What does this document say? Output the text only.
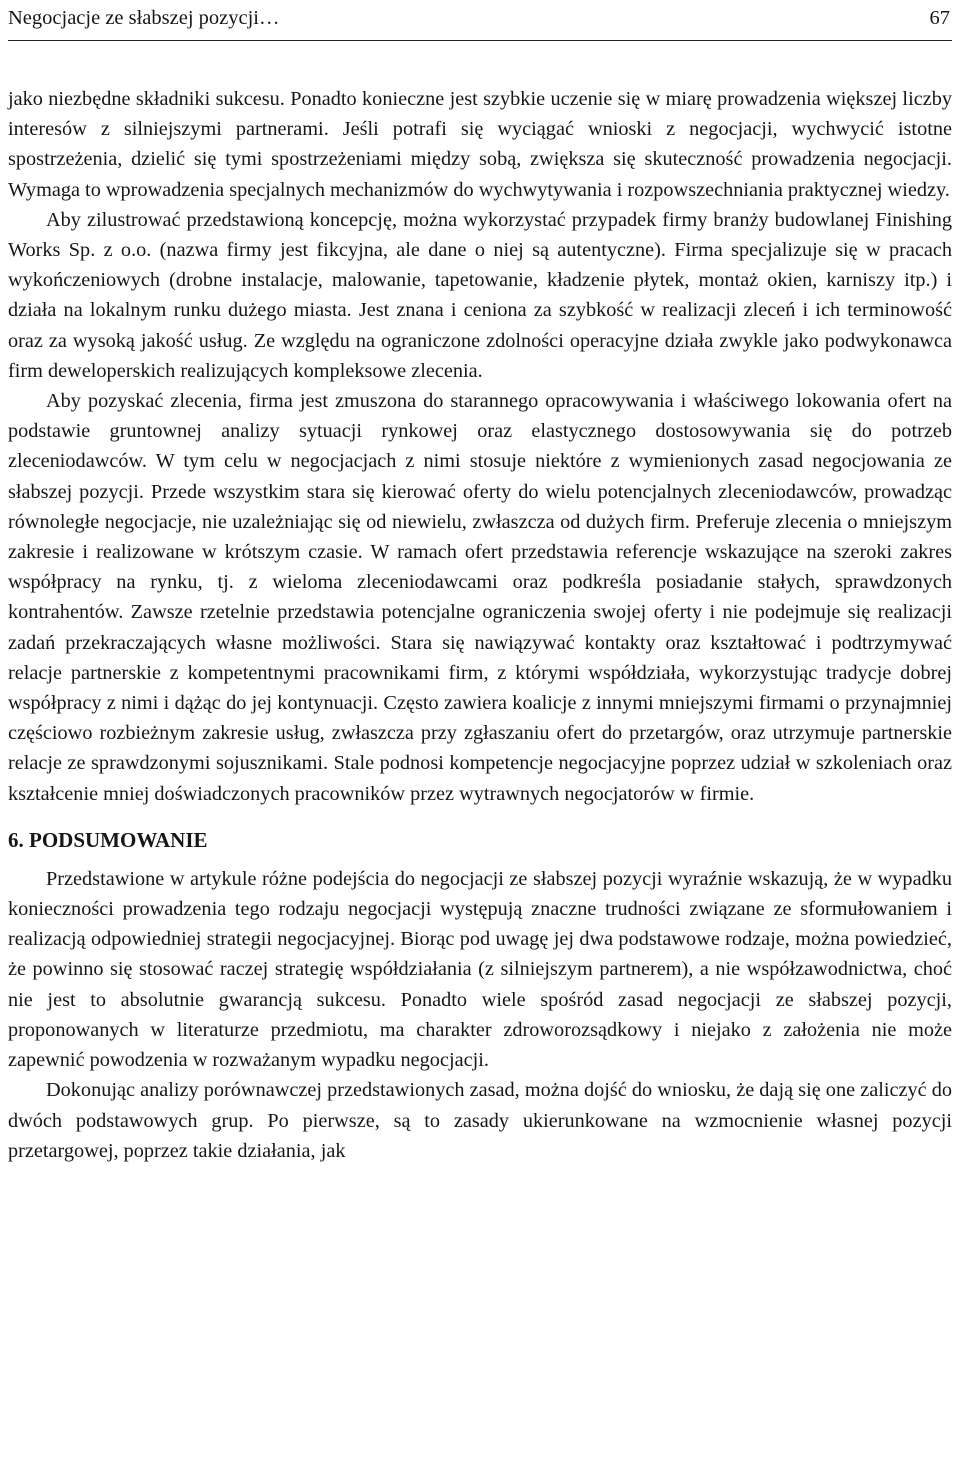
Negocjacje ze słabszej pozycji…	67

jako niezbędne składniki sukcesu. Ponadto konieczne jest szybkie uczenie się w miarę prowadzenia większej liczby interesów z silniejszymi partnerami. Jeśli potrafi się wyciągać wnioski z negocjacji, wychwycić istotne spostrzeżenia, dzielić się tymi spostrzeżeniami między sobą, zwiększa się skuteczność prowadzenia negocjacji. Wymaga to wprowadzenia specjalnych mechanizmów do wychwytywania i rozpowszechniania praktycznej wiedzy.

Aby zilustrować przedstawioną koncepcję, można wykorzystać przypadek firmy branży budowlanej Finishing Works Sp. z o.o. (nazwa firmy jest fikcyjna, ale dane o niej są autentyczne). Firma specjalizuje się w pracach wykończeniowych (drobne instalacje, malowanie, tapetowanie, kładzenie płytek, montaż okien, karniszy itp.) i działa na lokalnym runku dużego miasta. Jest znana i ceniona za szybkość w realizacji zleceń i ich terminowość oraz za wysoką jakość usług. Ze względu na ograniczone zdolności operacyjne działa zwykle jako podwykonawca firm deweloperskich realizujących kompleksowe zlecenia.

Aby pozyskać zlecenia, firma jest zmuszona do starannego opracowywania i właściwego lokowania ofert na podstawie gruntownej analizy sytuacji rynkowej oraz elastycznego dostosowywania się do potrzeb zleceniodawców. W tym celu w negocjacjach z nimi stosuje niektóre z wymienionych zasad negocjowania ze słabszej pozycji. Przede wszystkim stara się kierować oferty do wielu potencjalnych zleceniodawców, prowadząc równoległe negocjacje, nie uzależniając się od niewielu, zwłaszcza od dużych firm. Preferuje zlecenia o mniejszym zakresie i realizowane w krótszym czasie. W ramach ofert przedstawia referencje wskazujące na szeroki zakres współpracy na rynku, tj. z wieloma zleceniodawcami oraz podkreśla posiadanie stałych, sprawdzonych kontrahentów. Zawsze rzetelnie przedstawia potencjalne ograniczenia swojej oferty i nie podejmuje się realizacji zadań przekraczających własne możliwości. Stara się nawiązywać kontakty oraz kształtować i podtrzymywać relacje partnerskie z kompetentnymi pracownikami firm, z którymi współdziała, wykorzystując tradycje dobrej współpracy z nimi i dążąc do jej kontynuacji. Często zawiera koalicje z innymi mniejszymi firmami o przynajmniej częściowo rozbieżnym zakresie usług, zwłaszcza przy zgłaszaniu ofert do przetargów, oraz utrzymuje partnerskie relacje ze sprawdzonymi sojusznikami. Stale podnosi kompetencje negocjacyjne poprzez udział w szkoleniach oraz kształcenie mniej doświadczonych pracowników przez wytrawnych negocjatorów w firmie.

6. PODSUMOWANIE

Przedstawione w artykule różne podejścia do negocjacji ze słabszej pozycji wyraźnie wskazują, że w wypadku konieczności prowadzenia tego rodzaju negocjacji występują znaczne trudności związane ze sformułowaniem i realizacją odpowiedniej strategii negocjacyjnej. Biorąc pod uwagę jej dwa podstawowe rodzaje, można powiedzieć, że powinno się stosować raczej strategię współdziałania (z silniejszym partnerem), a nie współzawodnictwa, choć nie jest to absolutnie gwarancją sukcesu. Ponadto wiele spośród zasad negocjacji ze słabszej pozycji, proponowanych w literaturze przedmiotu, ma charakter zdroworozsądkowy i niejako z założenia nie może zapewnić powodzenia w rozważanym wypadku negocjacji.

Dokonując analizy porównawczej przedstawionych zasad, można dojść do wniosku, że dają się one zaliczyć do dwóch podstawowych grup. Po pierwsze, są to zasady ukierunkowane na wzmocnienie własnej pozycji przetargowej, poprzez takie działania, jak
